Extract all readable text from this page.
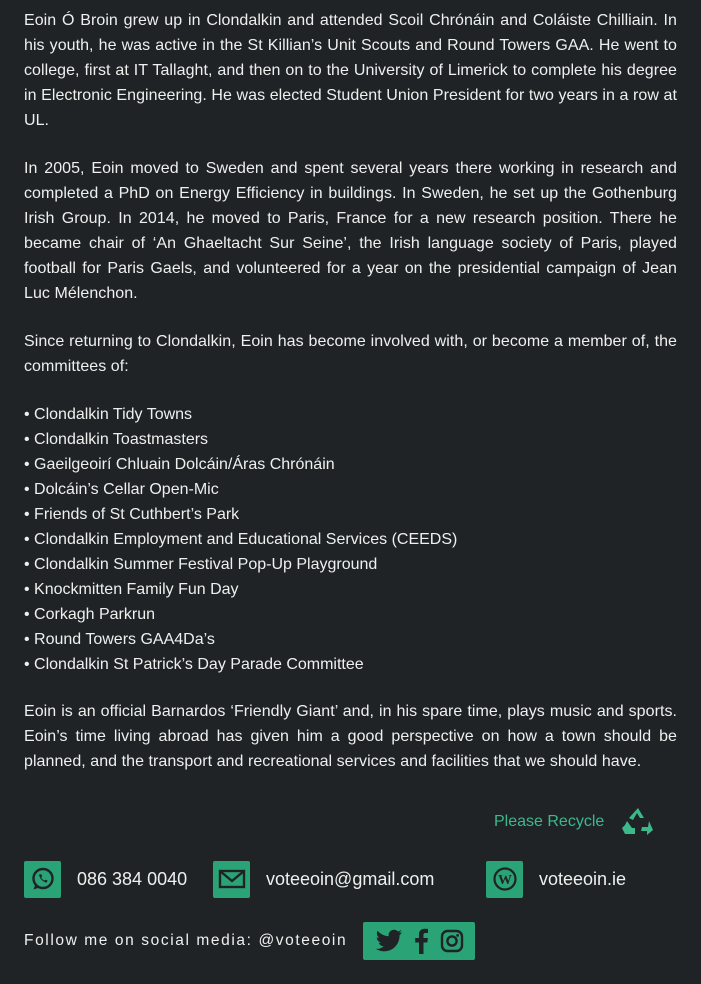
Eoin Ó Broin grew up in Clondalkin and attended Scoil Chrónáin and Coláiste Chilliain. In his youth, he was active in the St Killian’s Unit Scouts and Round Towers GAA. He went to college, first at IT Tallaght, and then on to the University of Limerick to complete his degree in Electronic Engineering. He was elected Student Union President for two years in a row at UL.

In 2005, Eoin moved to Sweden and spent several years there working in research and completed a PhD on Energy Efficiency in buildings. In Sweden, he set up the Gothenburg Irish Group. In 2014, he moved to Paris, France for a new research position. There he became chair of ‘An Ghaeltacht Sur Seine’, the Irish language society of Paris, played football for Paris Gaels, and volunteered for a year on the presidential campaign of Jean Luc Mélenchon.

Since returning to Clondalkin, Eoin has become involved with, or become a member of, the committees of:

• Clondalkin Tidy Towns
• Clondalkin Toastmasters
• Gaeilgeoirí Chluain Dolcáin/Áras Chrónáin
• Dolcáin’s Cellar Open-Mic
• Friends of St Cuthbert’s Park
• Clondalkin Employment and Educational Services (CEEDS)
• Clondalkin Summer Festival Pop-Up Playground
• Knockmitten Family Fun Day
• Corkagh Parkrun
• Round Towers GAA4Da’s
• Clondalkin St Patrick’s Day Parade Committee

Eoin is an official Barnardos ‘Friendly Giant’ and, in his spare time, plays music and sports. Eoin’s time living abroad has given him a good perspective on how a town should be planned, and the transport and recreational services and facilities that we should have.

Please Recycle
086 384 0040	voteeoin@gmail.com	W voteeoin.ie
Follow me on social media: @voteeoin
